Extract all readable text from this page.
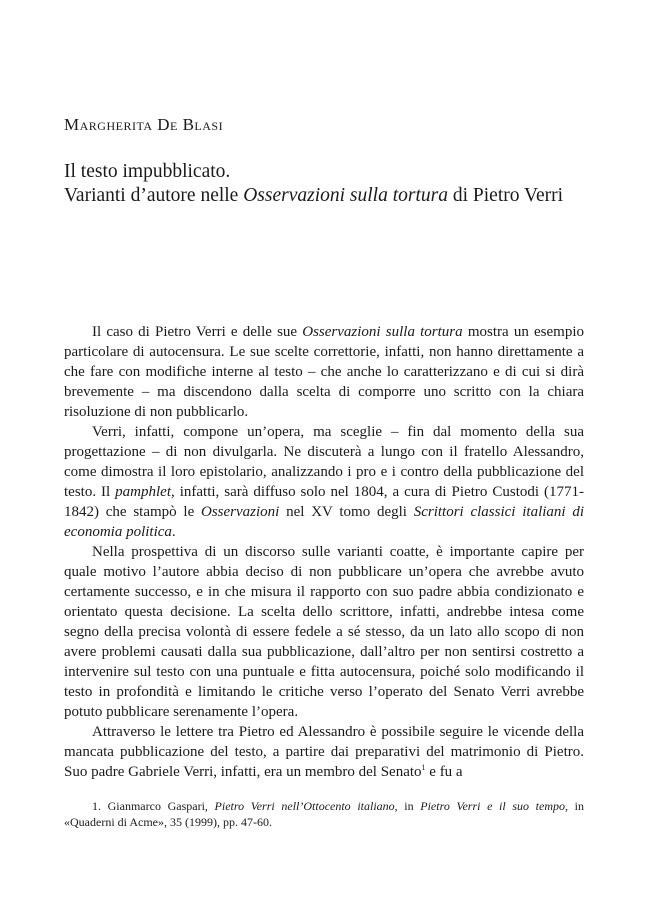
Margherita De Blasi
Il testo impubblicato.
Varianti d’autore nelle Osservazioni sulla tortura di Pietro Verri

Il caso di Pietro Verri e delle sue Osservazioni sulla tortura mostra un esempio particolare di autocensura. Le sue scelte correttorie, infatti, non hanno direttamente a che fare con modifiche interne al testo – che anche lo caratterizzano e di cui si dirà brevemente – ma discendono dalla scelta di comporre uno scritto con la chiara risoluzione di non pubblicarlo.

Verri, infatti, compone un’opera, ma sceglie – fin dal momento della sua progettazione – di non divulgarla. Ne discuterà a lungo con il fratello Alessandro, come dimostra il loro epistolario, analizzando i pro e i contro della pubblicazione del testo. Il pamphlet, infatti, sarà diffuso solo nel 1804, a cura di Pietro Custodi (1771-1842) che stampò le Osservazioni nel XV tomo degli Scrittori classici italiani di economia politica.

Nella prospettiva di un discorso sulle varianti coatte, è importante capire per quale motivo l’autore abbia deciso di non pubblicare un’opera che avrebbe avuto certamente successo, e in che misura il rapporto con suo padre abbia condizionato e orientato questa decisione. La scelta dello scrittore, infatti, andrebbe intesa come segno della precisa volontà di essere fedele a sé stesso, da un lato allo scopo di non avere problemi causati dalla sua pubblicazione, dall’altro per non sentirsi costretto a intervenire sul testo con una puntuale e fitta autocensura, poiché solo modificando il testo in profondità e limitando le critiche verso l’operato del Senato Verri avrebbe potuto pubblicare serenamente l’opera.

Attraverso le lettere tra Pietro ed Alessandro è possibile seguire le vicende della mancata pubblicazione del testo, a partire dai preparativi del matrimonio di Pietro. Suo padre Gabriele Verri, infatti, era un membro del Senato$^1$ e fu a

1. Gianmarco Gaspari, Pietro Verri nell’Ottocento italiano, in Pietro Verri e il suo tempo, in «Quaderni di Acme», 35 (1999), pp. 47-60.
